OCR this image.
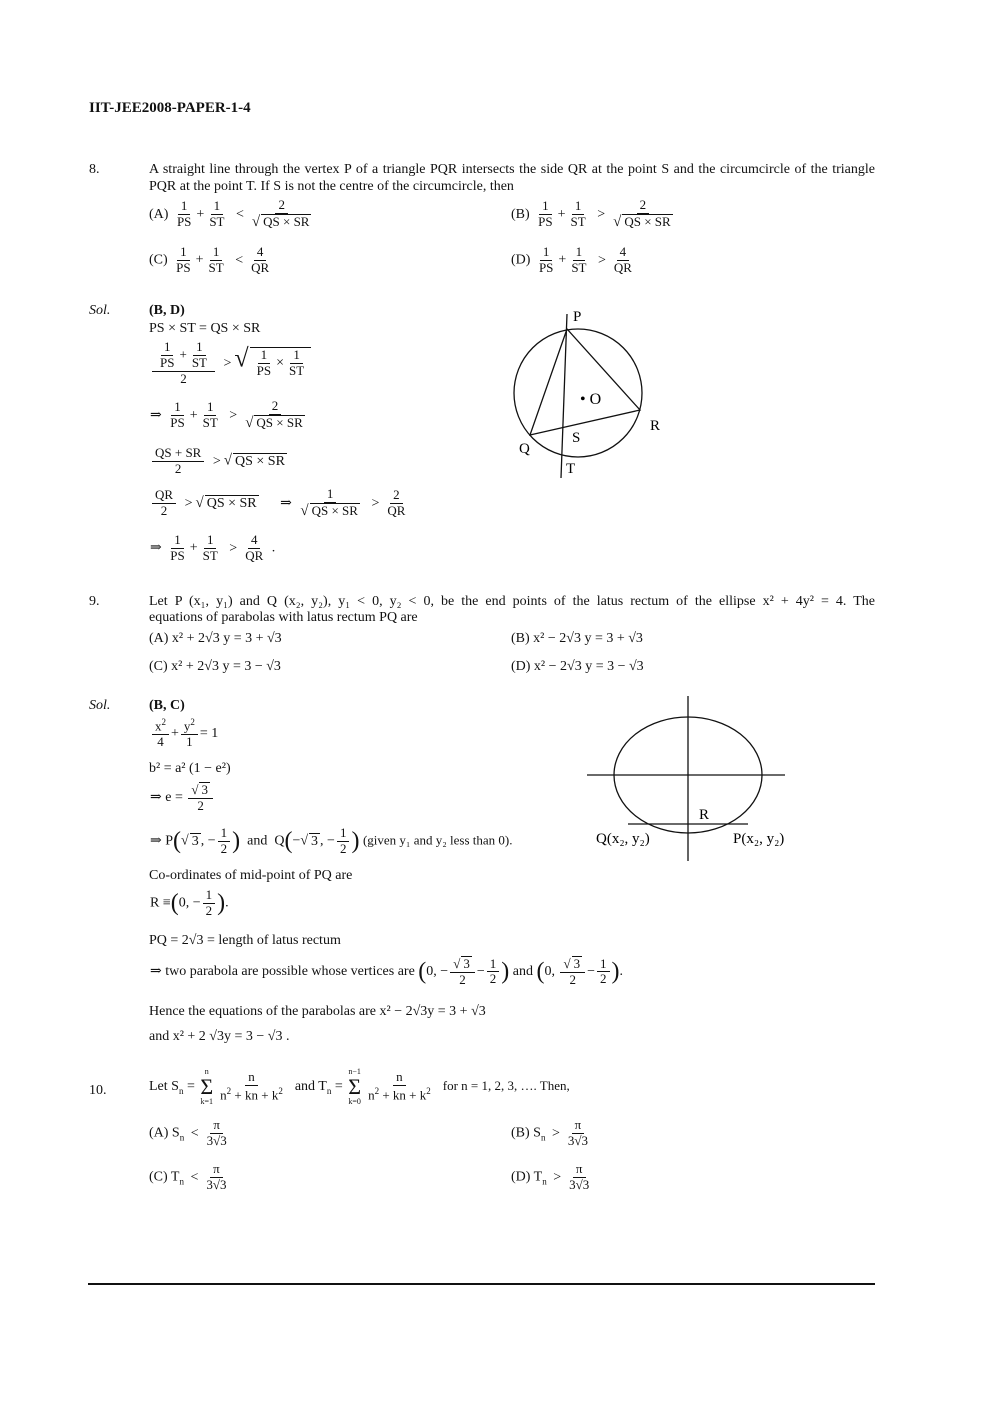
IIT-JEE2008-PAPER-1-4
8.	A straight line through the vertex P of a triangle PQR intersects the side QR at the point S and the circumcircle of the triangle PQR at the point T. If S is not the centre of the circumcircle, then
$(A) \frac{1}{PS} + \frac{1}{ST} < \frac{2}{√ QS \times SR}$	$(B) \frac{1}{PS} + \frac{1}{ST} > \frac{2}{√ QS \times SR}$
$(C) \frac{1}{PS} + \frac{1}{ST} < \frac{4}{QR}$	$(D) \frac{1}{PS} + \frac{1}{ST} > \frac{4}{QR}$
Sol.	(B, D)
PS × ST = QS × SR
$\frac{\frac{1}{PS} + \frac{1}{ST}}{2}$ > √ $\frac{1}{PS} \times \frac{1}{ST}$
⇒ $\frac{1}{PS} + \frac{1}{ST} > \frac{2}{√ QS \times SR}$
$\frac{QS + SR}{2}$ > √ QS × SR
$\frac{QR}{2}$ > √ QS × SR ⇒ $\frac{1}{√ QS \times SR} > \frac{2}{QR}$
⇒ $\frac{1}{PS} + \frac{1}{ST} > \frac{4}{QR}$ .
P
• O
R
Q
S
T
9.	Let P (x₁, y₁) and Q (x₂, y₂), y₁ < 0, y₂ < 0, be the end points of the latus rectum of the ellipse x² + 4y² = 4. The
equations of parabolas with latus rectum PQ are
(A) x² + 2√3 y = 3 + √3	(B) x² − 2√3 y = 3 + √3
(C) x² + 2√3 y = 3 − √3	(D) x² − 2√3 y = 3 − √3
Sol.	(B, C)
$\frac{x^2}{4} + \frac{y^2}{1} = 1$
b² = a² (1 − e²)
⇒ $e = \frac{√ 3}{2}$
⇒ P(√ 3 , − $\frac{1}{2}$ )  and  Q(−√ 3 , − $\frac{1}{2}$ ) (given y₁ and y₂ less than 0).
Co-ordinates of mid-point of PQ are
R ≡(0, − $\frac{1}{2}$ ).
PQ = 2√3 = length of latus rectum
⇒ two parabola are possible whose vertices are (0, − $\frac{√ 3}{2} - \frac{1}{2}$ ) and (0, $\frac{√ 3}{2} - \frac{1}{2}$ ).
Hence the equations of the parabolas are x² − 2√3y = 3 + √3
and x² + 2 √3y = 3 − √3 .
R
Q(x₂, y₂)	P(x₂, y₂)
10.	Let $S_n$ =
n
Σ
$k=1 \frac{n}{n^2 + kn + k^2}$ and $T_n$ =
n−1
Σ
$k=0 \frac{n}{n^2 + kn + k^2}$ for n = 1, 2, 3, …. Then,
(A) $S_n < \frac{\pi}{3√3}$	(B) $S_n > \frac{\pi}{3√3}$
(C) $T_n < \frac{\pi}{3√3}$	(D) $T_n > \frac{\pi}{3√3}$
